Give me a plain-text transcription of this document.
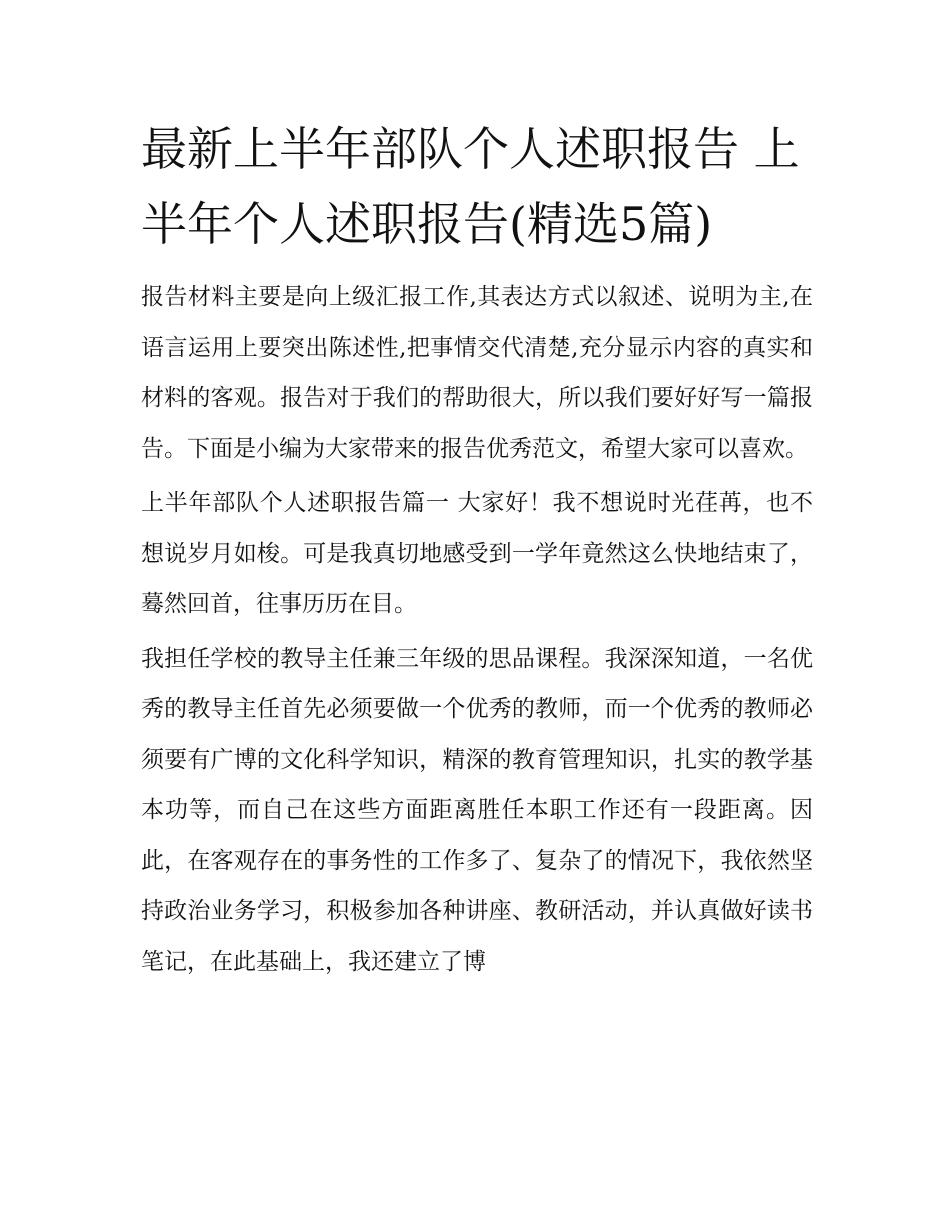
最新上半年部队个人述职报告 上半年个人述职报告(精选5篇)

报告材料主要是向上级汇报工作,其表达方式以叙述、说明为主,在语言运用上要突出陈述性,把事情交代清楚,充分显示内容的真实和材料的客观。报告对于我们的帮助很大，所以我们要好好写一篇报告。下面是小编为大家带来的报告优秀范文，希望大家可以喜欢。

上半年部队个人述职报告篇一 大家好！我不想说时光荏苒，也不想说岁月如梭。可是我真切地感受到一学年竟然这么快地结束了，蓦然回首，往事历历在目。

我担任学校的教导主任兼三年级的思品课程。我深深知道，一名优秀的教导主任首先必须要做一个优秀的教师，而一个优秀的教师必须要有广博的文化科学知识，精深的教育管理知识，扎实的教学基本功等，而自己在这些方面距离胜任本职工作还有一段距离。因此，在客观存在的事务性的工作多了、复杂了的情况下，我依然坚持政治业务学习，积极参加各种讲座、教研活动，并认真做好读书笔记，在此基础上，我还建立了博
